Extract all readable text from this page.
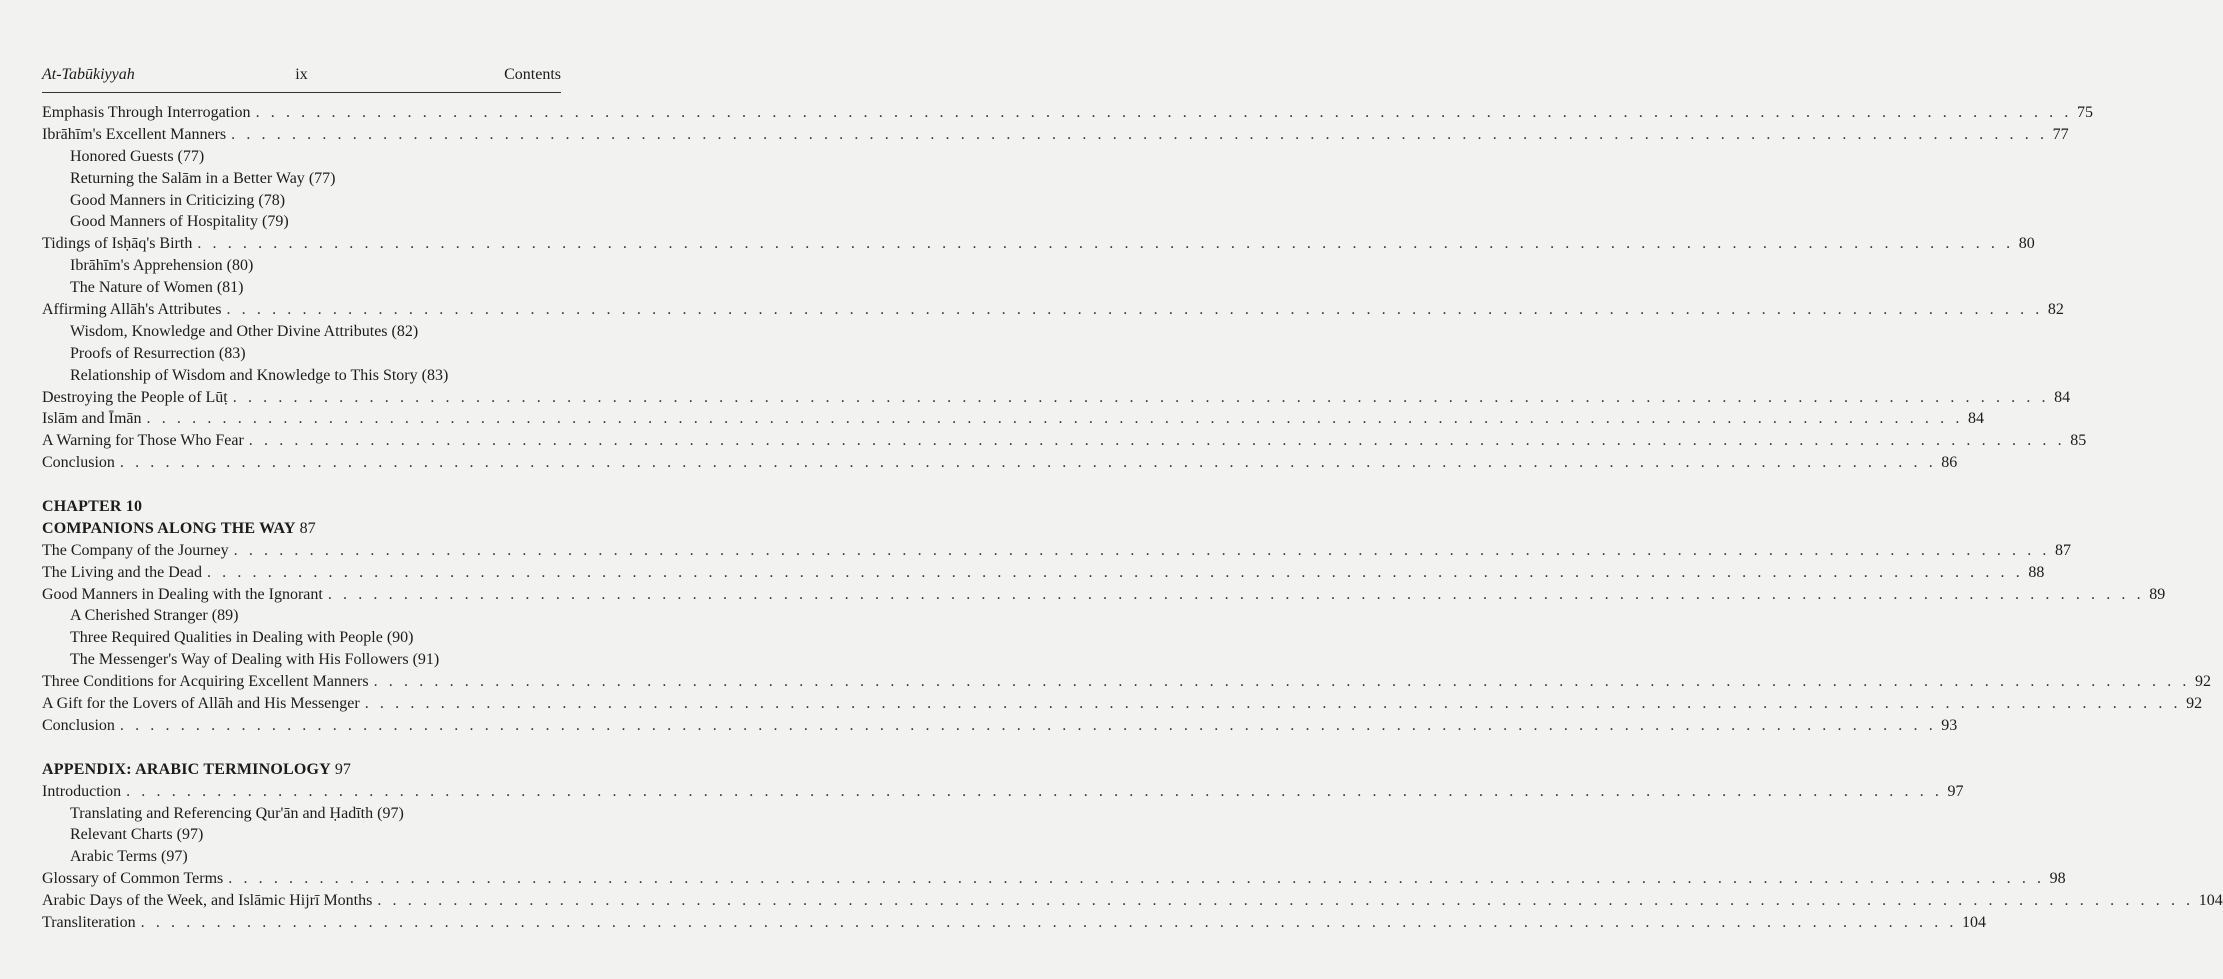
At-Tabūkiyyah	ix	Contents
Emphasis Through Interrogation . . . . . . . . . . . . . . . . . . . . . . . . . . . . . . . . . . . . . . . . . . . . . . . . . . . . . . . . . . . . . . . . . . . . . . . . . . . . . . . . . . . . . . . . . . . . . . . . . . . . . . . . . . . . . . . . . . . . . . . . 75
Ibrāhīm's Excellent Manners . . . . . . . . . . . . . . . . . . . . . . . . . . . . . . . . . . . . . . . . . . . . . . . . . . . . . . . . . . . . . . . . . . . . . . . . . . . . . . . . . . . . . . . . . . . . . . . . . . . . . . . . . . . . . . . . . . . . . . . . 77
Honored Guests (77)
Returning the Salām in a Better Way (77)
Good Manners in Criticizing (78)
Good Manners of Hospitality (79)
Tidings of Isḥāq's Birth . . . . . . . . . . . . . . . . . . . . . . . . . . . . . . . . . . . . . . . . . . . . . . . . . . . . . . . . . . . . . . . . . . . . . . . . . . . . . . . . . . . . . . . . . . . . . . . . . . . . . . . . . . . . . . . . . . . . . . . . 80
Ibrāhīm's Apprehension (80)
The Nature of Women (81)
Affirming Allāh's Attributes . . . . . . . . . . . . . . . . . . . . . . . . . . . . . . . . . . . . . . . . . . . . . . . . . . . . . . . . . . . . . . . . . . . . . . . . . . . . . . . . . . . . . . . . . . . . . . . . . . . . . . . . . . . . . . . . . . . . . . . . 82
Wisdom, Knowledge and Other Divine Attributes (82)
Proofs of Resurrection (83)
Relationship of Wisdom and Knowledge to This Story (83)
Destroying the People of Lūṭ . . . . . . . . . . . . . . . . . . . . . . . . . . . . . . . . . . . . . . . . . . . . . . . . . . . . . . . . . . . . . . . . . . . . . . . . . . . . . . . . . . . . . . . . . . . . . . . . . . . . . . . . . . . . . . . . . . . . . . . . 84
Islām and Īmān . . . . . . . . . . . . . . . . . . . . . . . . . . . . . . . . . . . . . . . . . . . . . . . . . . . . . . . . . . . . . . . . . . . . . . . . . . . . . . . . . . . . . . . . . . . . . . . . . . . . . . . . . . . . . . . . . . . . . . . . 84
A Warning for Those Who Fear . . . . . . . . . . . . . . . . . . . . . . . . . . . . . . . . . . . . . . . . . . . . . . . . . . . . . . . . . . . . . . . . . . . . . . . . . . . . . . . . . . . . . . . . . . . . . . . . . . . . . . . . . . . . . . . . . . . . . . . . 85
Conclusion . . . . . . . . . . . . . . . . . . . . . . . . . . . . . . . . . . . . . . . . . . . . . . . . . . . . . . . . . . . . . . . . . . . . . . . . . . . . . . . . . . . . . . . . . . . . . . . . . . . . . . . . . . . . . . . . . . . . . . . . 86
CHAPTER 10
COMPANIONS ALONG THE WAY 87
The Company of the Journey . . . . . . . . . . . . . . . . . . . . . . . . . . . . . . . . . . . . . . . . . . . . . . . . . . . . . . . . . . . . . . . . . . . . . . . . . . . . . . . . . . . . . . . . . . . . . . . . . . . . . . . . . . . . . . . . . . . . . . . . 87
The Living and the Dead . . . . . . . . . . . . . . . . . . . . . . . . . . . . . . . . . . . . . . . . . . . . . . . . . . . . . . . . . . . . . . . . . . . . . . . . . . . . . . . . . . . . . . . . . . . . . . . . . . . . . . . . . . . . . . . . . . . . . . . . 88
Good Manners in Dealing with the Ignorant . . . . . . . . . . . . . . . . . . . . . . . . . . . . . . . . . . . . . . . . . . . . . . . . . . . . . . . . . . . . . . . . . . . . . . . . . . . . . . . . . . . . . . . . . . . . . . . . . . . . . . . . . . . . . . . . . . . . . . . . 89
A Cherished Stranger (89)
Three Required Qualities in Dealing with People (90)
The Messenger's Way of Dealing with His Followers (91)
Three Conditions for Acquiring Excellent Manners . . . . . . . . . . . . . . . . . . . . . . . . . . . . . . . . . . . . . . . . . . . . . . . . . . . . . . . . . . . . . . . . . . . . . . . . . . . . . . . . . . . . . . . . . . . . . . . . . . . . . . . . . . . . . . . . . . . . . . . . 92
A Gift for the Lovers of Allāh and His Messenger . . . . . . . . . . . . . . . . . . . . . . . . . . . . . . . . . . . . . . . . . . . . . . . . . . . . . . . . . . . . . . . . . . . . . . . . . . . . . . . . . . . . . . . . . . . . . . . . . . . . . . . . . . . . . . . . . . . . . . . . 92
Conclusion . . . . . . . . . . . . . . . . . . . . . . . . . . . . . . . . . . . . . . . . . . . . . . . . . . . . . . . . . . . . . . . . . . . . . . . . . . . . . . . . . . . . . . . . . . . . . . . . . . . . . . . . . . . . . . . . . . . . . . . . 93
APPENDIX: ARABIC TERMINOLOGY 97
Introduction . . . . . . . . . . . . . . . . . . . . . . . . . . . . . . . . . . . . . . . . . . . . . . . . . . . . . . . . . . . . . . . . . . . . . . . . . . . . . . . . . . . . . . . . . . . . . . . . . . . . . . . . . . . . . . . . . . . . . . . . 97
Translating and Referencing Qur'ān and Ḥadīth (97)
Relevant Charts (97)
Arabic Terms (97)
Glossary of Common Terms . . . . . . . . . . . . . . . . . . . . . . . . . . . . . . . . . . . . . . . . . . . . . . . . . . . . . . . . . . . . . . . . . . . . . . . . . . . . . . . . . . . . . . . . . . . . . . . . . . . . . . . . . . . . . . . . . . . . . . . . 98
Arabic Days of the Week, and Islāmic Hijrī Months . . . . . . . . . . . . . . . . . . . . . . . . . . . . . . . . . . . . . . . . . . . . . . . . . . . . . . . . . . . . . . . . . . . . . . . . . . . . . . . . . . . . . . . . . . . . . . . . . . . . . . . . . . . . . . . . . . . . . . . . 104
Transliteration . . . . . . . . . . . . . . . . . . . . . . . . . . . . . . . . . . . . . . . . . . . . . . . . . . . . . . . . . . . . . . . . . . . . . . . . . . . . . . . . . . . . . . . . . . . . . . . . . . . . . . . . . . . . . . . . . . . . . . . . 104
